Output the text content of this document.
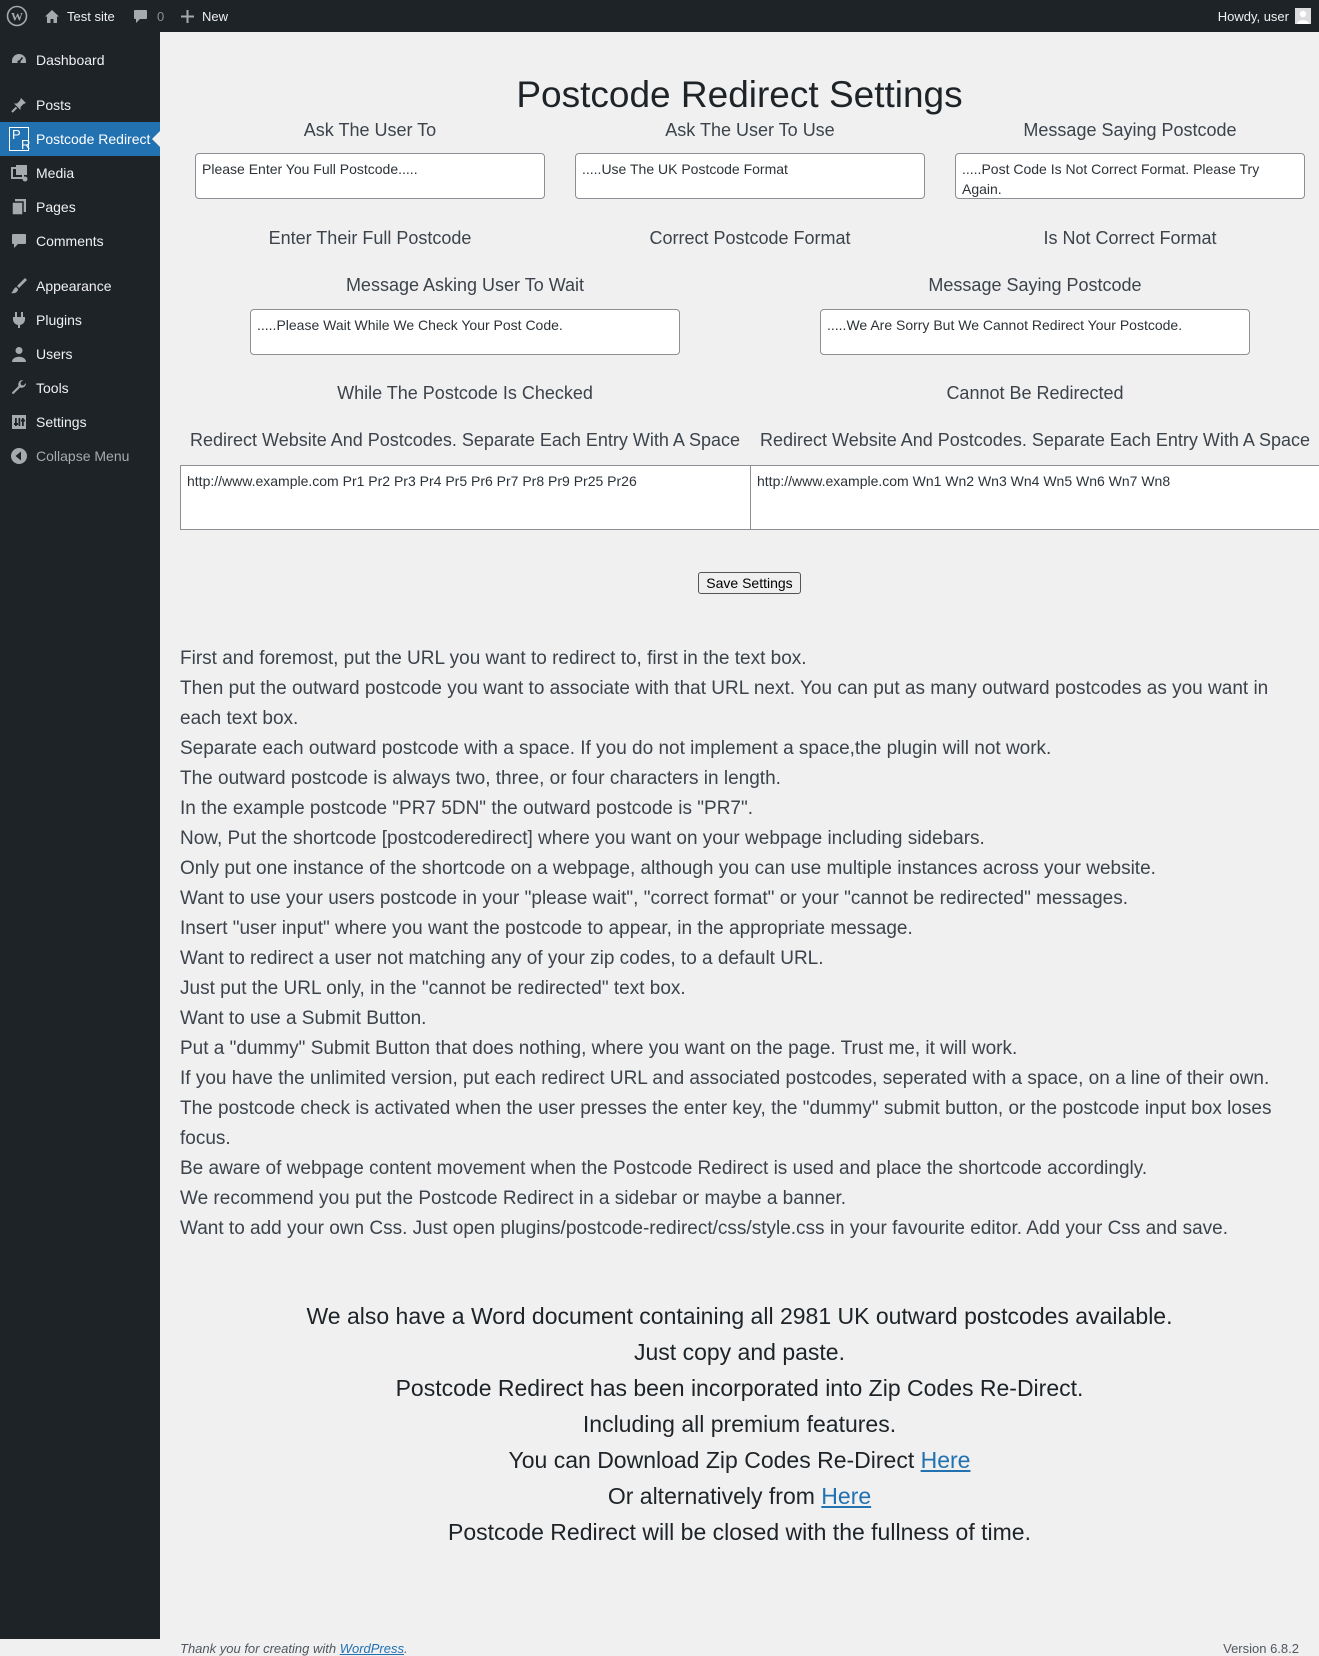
W	Test site	0	New	Howdy, user
Dashboard
Posts
P
R Postcode Redirect
Media
Pages
Comments
Appearance
Plugins
Users
Tools
Settings
Collapse Menu
Postcode Redirect Settings
Ask The User To
Please Enter You Full Postcode.....
Enter Their Full Postcode
Ask The User To Use
.....Use The UK Postcode Format
Correct Postcode Format
Message Saying Postcode
.....Post Code Is Not Correct Format. Please Try Again.
Is Not Correct Format
Message Asking User To Wait
.....Please Wait While We Check Your Post Code.
While The Postcode Is Checked
Message Saying Postcode
.....We Are Sorry But We Cannot Redirect Your Postcode.
Cannot Be Redirected
Redirect Website And Postcodes. Separate Each Entry With A Space
http://www.example.com Pr1 Pr2 Pr3 Pr4 Pr5 Pr6 Pr7 Pr8 Pr9 Pr25 Pr26
Redirect Website And Postcodes. Separate Each Entry With A Space
http://www.example.com Wn1 Wn2 Wn3 Wn4 Wn5 Wn6 Wn7 Wn8
Save Settings

First and foremost, put the URL you want to redirect to, first in the text box.

Then put the outward postcode you want to associate with that URL next. You can put as many outward postcodes as you want in each text box.

Separate each outward postcode with a space. If you do not implement a space,the plugin will not work.

The outward postcode is always two, three, or four characters in length.

In the example postcode "PR7 5DN" the outward postcode is "PR7".

Now, Put the shortcode [postcoderedirect] where you want on your webpage including sidebars.

Only put one instance of the shortcode on a webpage, although you can use multiple instances across your website.

Want to use your users postcode in your "please wait", "correct format" or your "cannot be redirected" messages.

Insert "user input" where you want the postcode to appear, in the appropriate message.

Want to redirect a user not matching any of your zip codes, to a default URL.

Just put the URL only, in the "cannot be redirected" text box.

Want to use a Submit Button.

Put a "dummy" Submit Button that does nothing, where you want on the page. Trust me, it will work.

If you have the unlimited version, put each redirect URL and associated postcodes, seperated with a space, on a line of their own.

The postcode check is activated when the user presses the enter key, the "dummy" submit button, or the postcode input box loses focus.

Be aware of webpage content movement when the Postcode Redirect is used and place the shortcode accordingly.

We recommend you put the Postcode Redirect in a sidebar or maybe a banner.

Want to add your own Css. Just open plugins/postcode-redirect/css/style.css in your favourite editor. Add your Css and save.

We also have a Word document containing all 2981 UK outward postcodes available.

Just copy and paste.

Postcode Redirect has been incorporated into Zip Codes Re-Direct.

Including all premium features.

You can Download Zip Codes Re-Direct Here

Or alternatively from Here

Postcode Redirect will be closed with the fullness of time.

Thank you for creating with WordPress.	Version 6.8.2
